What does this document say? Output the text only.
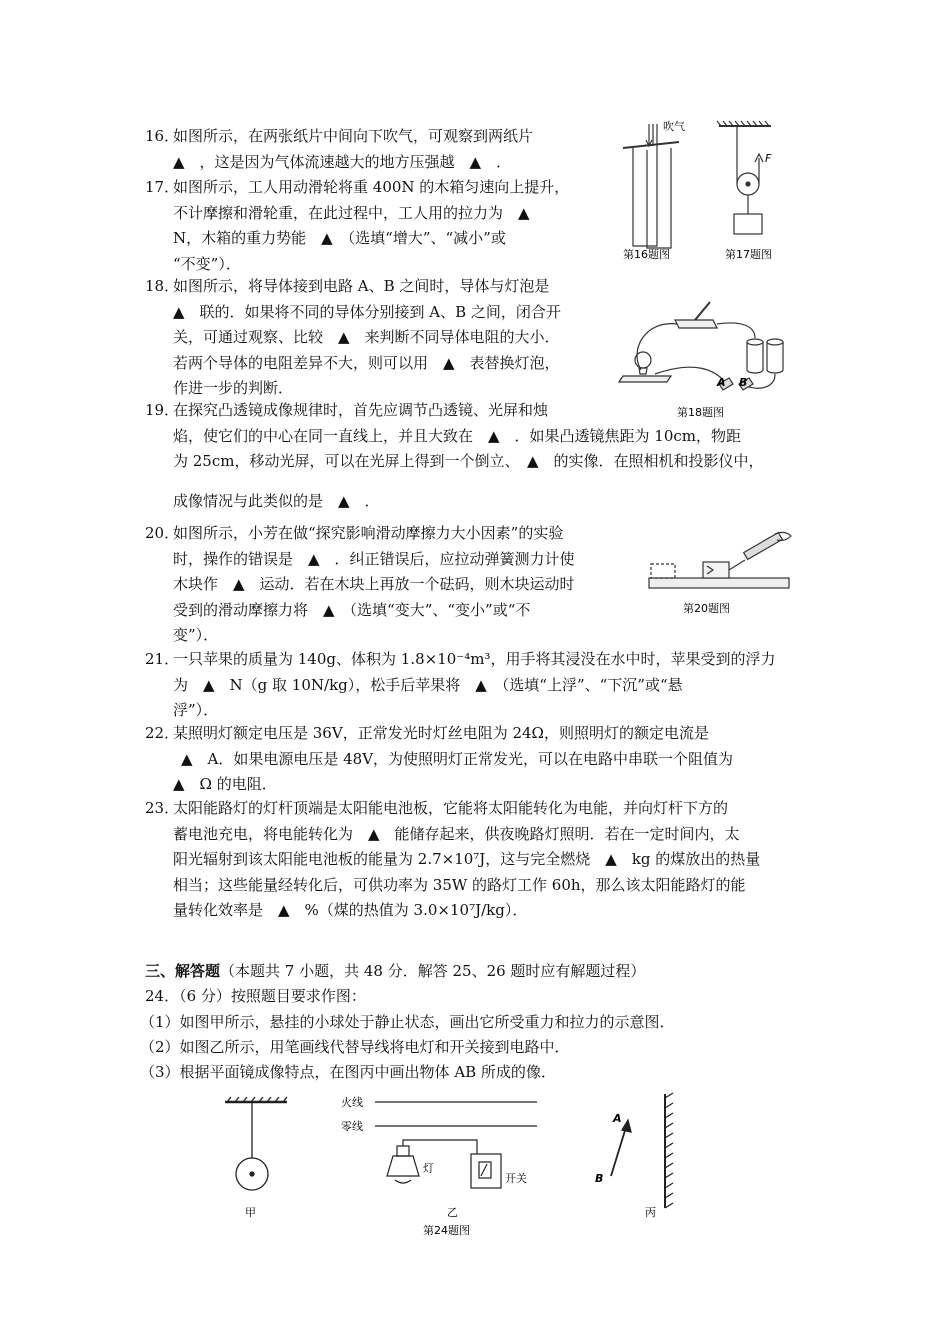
16．
如图所示，在两张纸片中间向下吹气，可观察到两纸片
▲　，这是因为气体流速越大的地方压强越　▲　．
17．
如图所示，工人用动滑轮将重 400N 的木箱匀速向上提升，
不计摩擦和滑轮重，在此过程中，工人用的拉力为　▲
N，木箱的重力势能　▲　（选填“增大”、“减小”或
“不变”）．
18．
如图所示，将导体接到电路 A、B 之间时，导体与灯泡是
▲　联的．如果将不同的导体分别接到 A、B 之间，闭合开
关，可通过观察、比较　▲　来判断不同导体电阻的大小．
若两个导体的电阻差异不大，则可以用　▲　表替换灯泡，
作进一步的判断．
19．
在探究凸透镜成像规律时，首先应调节凸透镜、光屏和烛
焰，使它们的中心在同一直线上，并且大致在　▲　．如果凸透镜焦距为 10cm，物距
为 25cm，移动光屏，可以在光屏上得到一个倒立、　▲　的实像．在照相机和投影仪中，
成像情况与此类似的是　▲　．
20．
如图所示，小芳在做“探究影响滑动摩擦力大小因素”的实验
时，操作的错误是　▲　．纠正错误后，应拉动弹簧测力计使
木块作　▲　运动．若在木块上再放一个砝码，则木块运动时
受到的滑动摩擦力将　▲　（选填“变大”、“变小”或“不
变”）．
21．
一只苹果的质量为 140g、体积为 1.8×10⁻⁴m³，用手将其浸没在水中时，苹果受到的浮力
为　▲　N（g 取 10N/kg），松手后苹果将　▲　（选填“上浮”、“下沉”或“悬
浮”）．
22．
某照明灯额定电压是 36V，正常发光时灯丝电阻为 24Ω，则照明灯的额定电流是
▲　A．如果电源电压是 48V，为使照明灯正常发光，可以在电路中串联一个阻值为
▲　Ω 的电阻．
23．
太阳能路灯的灯杆顶端是太阳能电池板，它能将太阳能转化为电能，并向灯杆下方的
蓄电池充电，将电能转化为　▲　能储存起来，供夜晚路灯照明．若在一定时间内，太
阳光辐射到该太阳能电池板的能量为 2.7×10⁷J，这与完全燃烧　▲　kg 的煤放出的热量
相当；这些能量经转化后，可供功率为 35W 的路灯工作 60h，那么该太阳能路灯的能
量转化效率是　▲　%（煤的热值为 3.0×10⁷J/kg）．
三、解答题（本题共 7 小题，共 48 分．解答 25、26 题时应有解题过程）
24．（6 分）按照题目要求作图：
（1）如图甲所示，悬挂的小球处于静止状态，画出它所受重力和拉力的示意图．
（2）如图乙所示，用笔画线代替导线将电灯和开关接到电路中．
（3）根据平面镜成像特点，在图丙中画出物体 AB 所成的像．
吹气
第16题图
F
第17题图
A B
第18题图
第20题图
甲
火线
零线
灯
开关
乙
第24题图
A
B
丙
